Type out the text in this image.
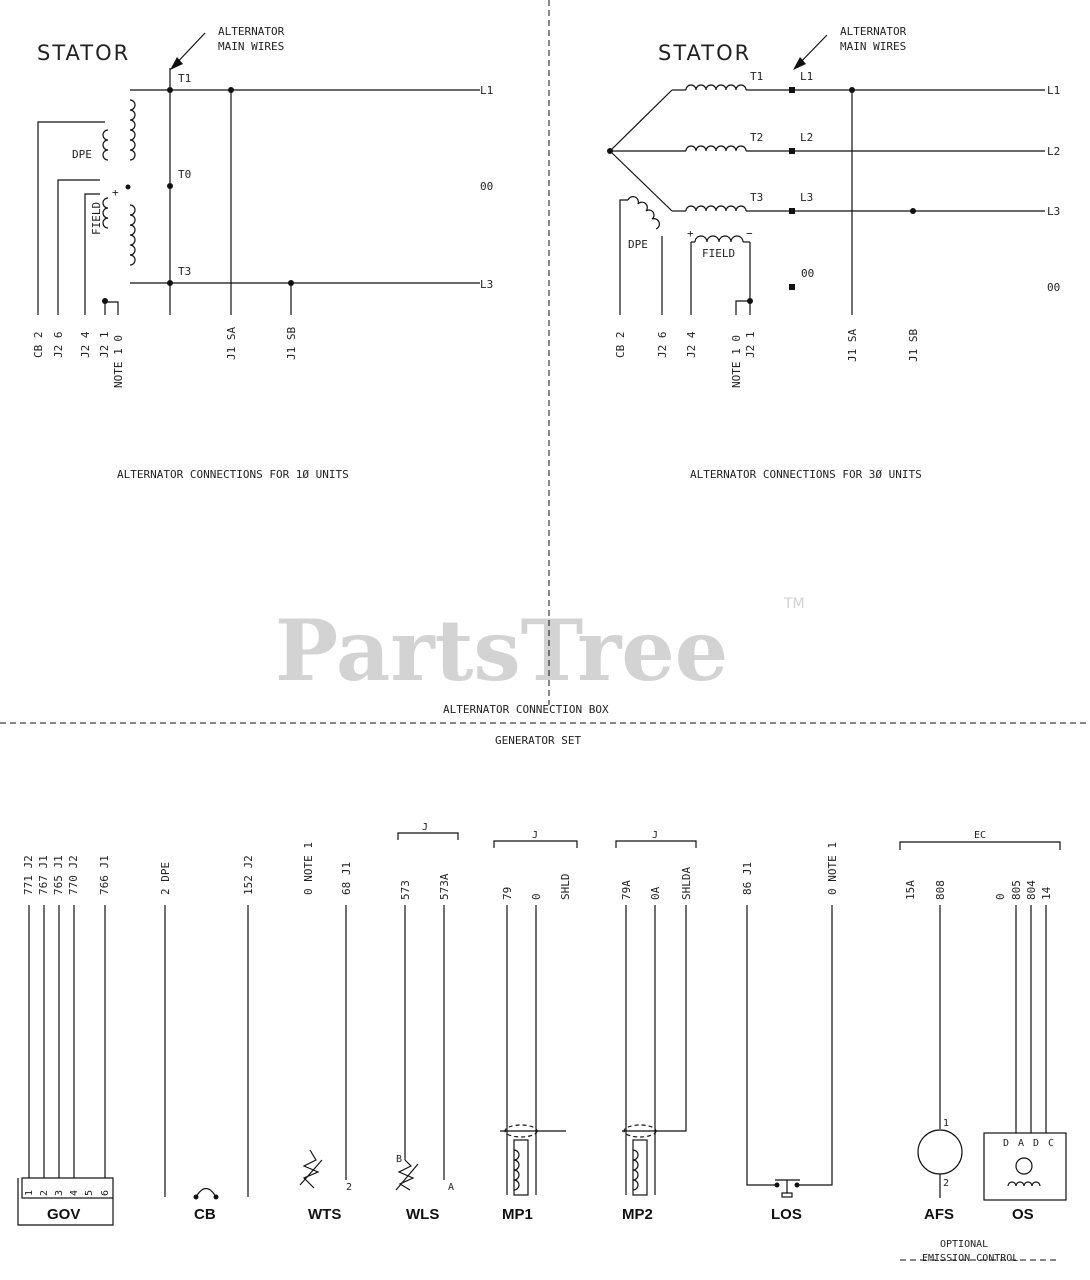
PartsTree	TM
ALTERNATOR CONNECTION BOX
GENERATOR SET
STATOR
ALTERNATOR
MAIN WIRES
T1
L1
T0
00
T3
L3
DPE
FIELD
+
CB 2 J2 6 J2 4 J2 1 NOTE 1 0	J1 SA	J1 SB
ALTERNATOR CONNECTIONS FOR 1Ø UNITS
STATOR
ALTERNATOR
MAIN WIRES
T1
T2
T3
L1
L2
L3
00
L1
L2
L3
00
DPE
FIELD
+	−
CB 2	J2 6 J2 4	NOTE 1 0 J2 1	J1 SA	J1 SB
ALTERNATOR CONNECTIONS FOR 3Ø UNITS
771 J2 767 J1 765 J1 770 J2 766 J1
1 2 3 4 5 6
GOV
2 DPE	152 J2
CB
0 NOTE 1 68 J1
2
WTS
J
573 573A
B
A
WLS
J
79 0 SHLD
MP1
J
79A 0A SHLDA
MP2
86 J1	0 NOTE 1
LOS
EC
15A 808
1
2
AFS
0 805 804 14
D A D C
OS
OPTIONAL
EMISSION CONTROL
